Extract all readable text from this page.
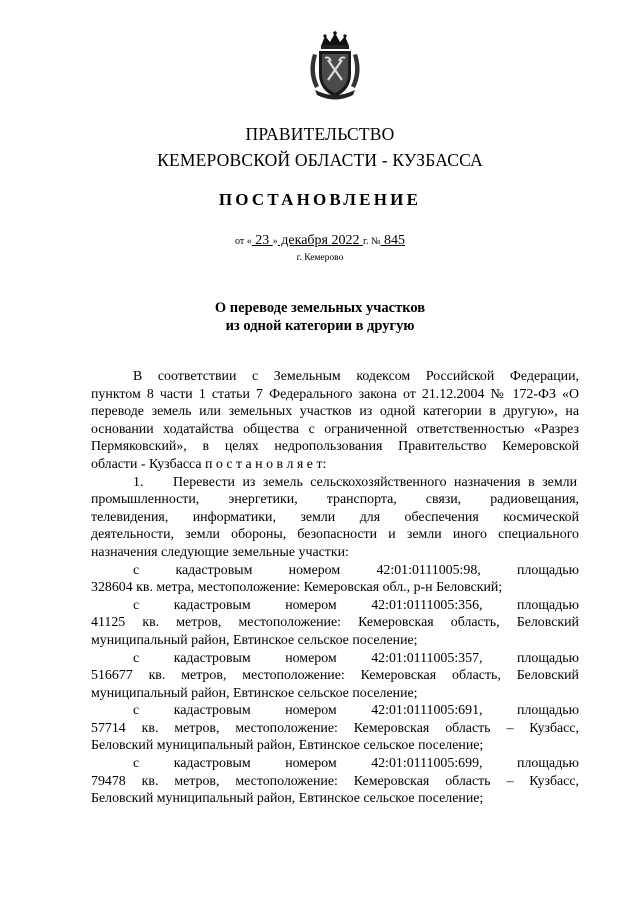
ПРАВИТЕЛЬСТВО
КЕМЕРОВСКОЙ ОБЛАСТИ - КУЗБАССА
ПОСТАНОВЛЕНИЕ
от « 23 » декабря 2022 г. № 845
г. Кемерово
О переводе земельных участков
из одной категории в другую
В соответствии с Земельным кодексом Российской Федерации,
пунктом 8 части 1 статьи 7 Федерального закона от 21.12.2004 № 172-ФЗ «О
переводе земель или земельных участков из одной категории в другую», на
основании ходатайства общества с ограниченной ответственностью «Разрез
Пермяковский», в целях недропользования Правительство Кемеровской
области - Кузбасса п о с т а н о в л я е т:
1. Перевести из земель сельскохозяйственного назначения в земли
промышленности, энергетики, транспорта, связи, радиовещания,
телевидения, информатики, земли для обеспечения космической
деятельности, земли обороны, безопасности и земли иного специального
назначения следующие земельные участки:
с кадастровым номером 42:01:0111005:98, площадью
328604 кв. метра, местоположение: Кемеровская обл., р-н Беловский;
с кадастровым номером 42:01:0111005:356, площадью
41125 кв. метров, местоположение: Кемеровская область, Беловский
муниципальный район, Евтинское сельское поселение;
с кадастровым номером 42:01:0111005:357, площадью
516677 кв. метров, местоположение: Кемеровская область, Беловский
муниципальный район, Евтинское сельское поселение;
с кадастровым номером 42:01:0111005:691, площадью
57714 кв. метров, местоположение: Кемеровская область – Кузбасс,
Беловский муниципальный район, Евтинское сельское поселение;
с кадастровым номером 42:01:0111005:699, площадью
79478 кв. метров, местоположение: Кемеровская область – Кузбасс,
Беловский муниципальный район, Евтинское сельское поселение;
